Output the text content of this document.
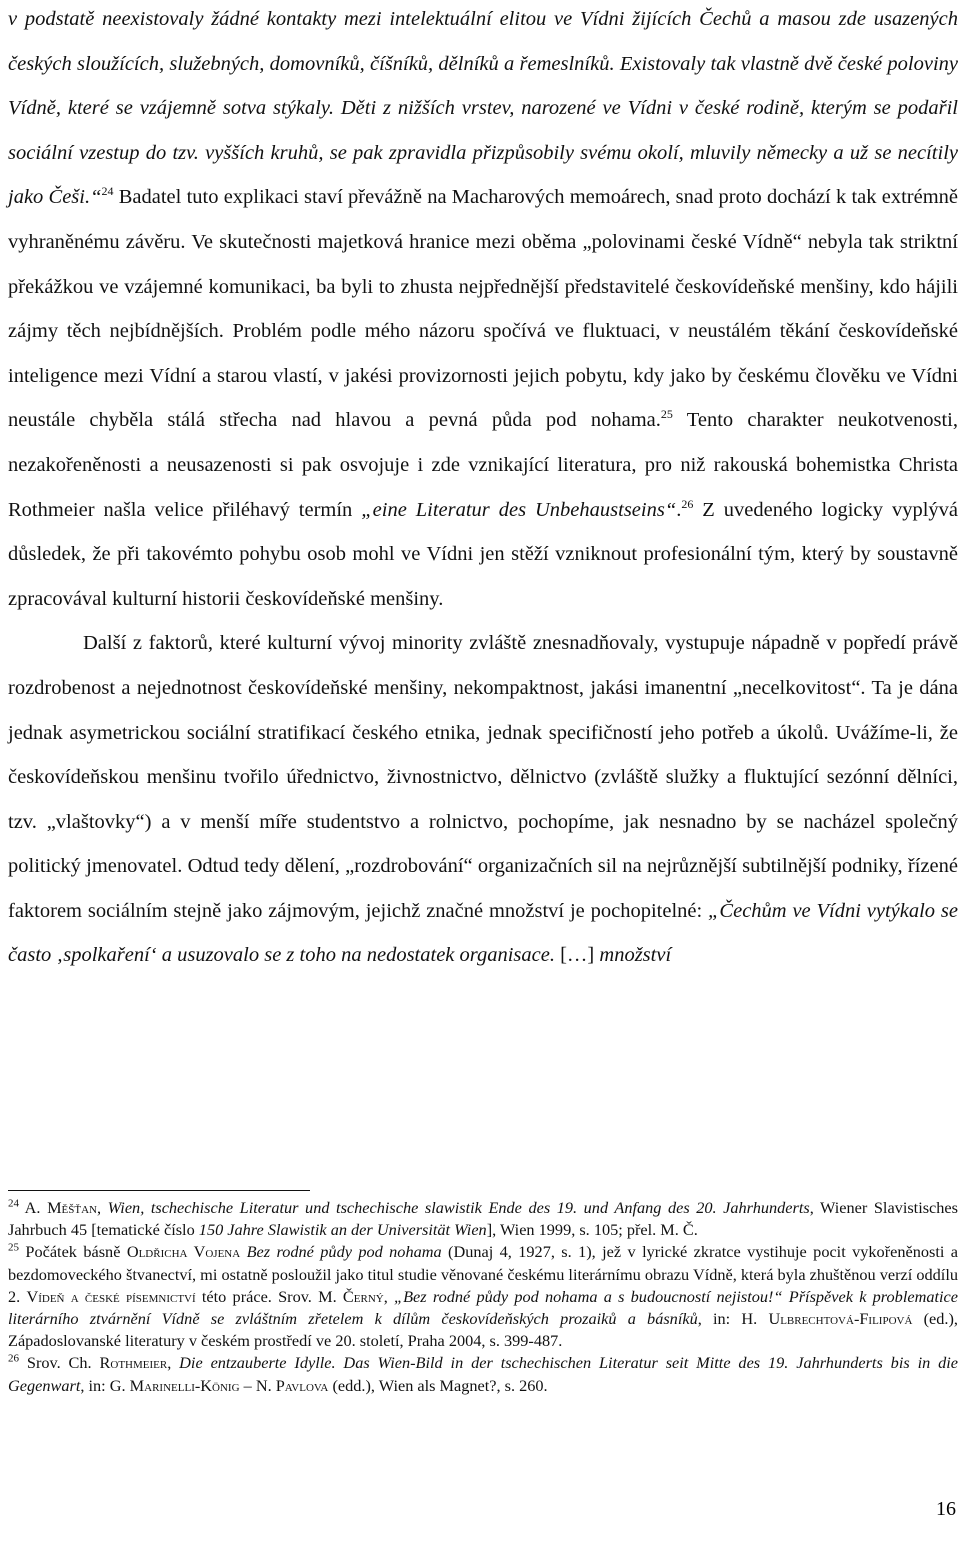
v podstatě neexistovaly žádné kontakty mezi intelektuální elitou ve Vídni žijících Čechů a masou zde usazených českých sloužících, služebných, domovníků, číšníků, dělníků a řemeslníků. Existovaly tak vlastně dvě české poloviny Vídně, které se vzájemně sotva stýkaly. Děti z nižších vrstev, narozené ve Vídni v české rodině, kterým se podařil sociální vzestup do tzv. vyšších kruhů, se pak zpravidla přizpůsobily svému okolí, mluvily německy a už se necítily jako Češi.“$^{24}$ Badatel tuto explikaci staví převážně na Macharových memoárech, snad proto dochází k tak extrémně vyhraněnému závěru. Ve skutečnosti majetková hranice mezi oběma „polovinami české Vídně“ nebyla tak striktní překážkou ve vzájemné komunikaci, ba byli to zhusta nejpřednější představitelé českovídeňské menšiny, kdo hájili zájmy těch nejbídnějších. Problém podle mého názoru spočívá ve fluktuaci, v neustálém těkání českovídeňské inteligence mezi Vídní a starou vlastí, v jakési provizornosti jejich pobytu, kdy jako by českému člověku ve Vídni neustále chyběla stálá střecha nad hlavou a pevná půda pod nohama.$^{25}$ Tento charakter neukotvenosti, nezakořeněnosti a neusazenosti si pak osvojuje i zde vznikající literatura, pro niž rakouská bohemistka Christa Rothmeier našla velice přiléhavý termín „eine Literatur des Unbehaustseins“.$^{26}$ Z uvedeného logicky vyplývá důsledek, že při takovémto pohybu osob mohl ve Vídni jen stěží vzniknout profesionální tým, který by soustavně zpracovával kulturní historii českovídeňské menšiny.

Další z faktorů, které kulturní vývoj minority zvláště znesnadňovaly, vystupuje nápadně v popředí právě rozdrobenost a nejednotnost českovídeňské menšiny, nekompaktnost, jakási imanentní „necelkovitost“. Ta je dána jednak asymetrickou sociální stratifikací českého etnika, jednak specifičností jeho potřeb a úkolů. Uvážíme-li, že českovídeňskou menšinu tvořilo úřednictvo, živnostnictvo, dělnictvo (zvláště služky a fluktující sezónní dělníci, tzv. „vlaštovky“) a v menší míře studentstvo a rolnictvo, pochopíme, jak nesnadno by se nacházel společný politický jmenovatel. Odtud tedy dělení, „rozdrobování“ organizačních sil na nejrůznější subtilnější podniky, řízené faktorem sociálním stejně jako zájmovým, jejichž značné množství je pochopitelné: „Čechům ve Vídni vytýkalo se často ‚spolkaření‘ a usuzovalo se z toho na nedostatek organisace. […] množství

$^{24}$ A. Měšťan, Wien, tschechische Literatur und tschechische slawistik Ende des 19. und Anfang des 20. Jahrhunderts, Wiener Slavistisches Jahrbuch 45 [tematické číslo 150 Jahre Slawistik an der Universität Wien], Wien 1999, s. 105; přel. M. Č.

$^{25}$ Počátek básně Oldřicha Vojena Bez rodné půdy pod nohama (Dunaj 4, 1927, s. 1), jež v lyrické zkratce vystihuje pocit vykořeněnosti a bezdomoveckého štvanectví, mi ostatně posloužil jako titul studie věnované českému literárnímu obrazu Vídně, která byla zhuštěnou verzí oddílu 2. Vídeň a české písemnictví této práce. Srov. M. Černý, „Bez rodné půdy pod nohama a s budoucností nejistou!“ Příspěvek k problematice literárního ztvárnění Vídně se zvláštním zřetelem k dílům českovídeňských prozaiků a básníků, in: H. Ulbrechtová-Filipová (ed.), Západoslovanské literatury v českém prostředí ve 20. století, Praha 2004, s. 399-487.

$^{26}$ Srov. Ch. Rothmeier, Die entzauberte Idylle. Das Wien-Bild in der tschechischen Literatur seit Mitte des 19. Jahrhunderts bis in die Gegenwart, in: G. Marinelli-König – N. Pavlova (edd.), Wien als Magnet?, s. 260.

16
